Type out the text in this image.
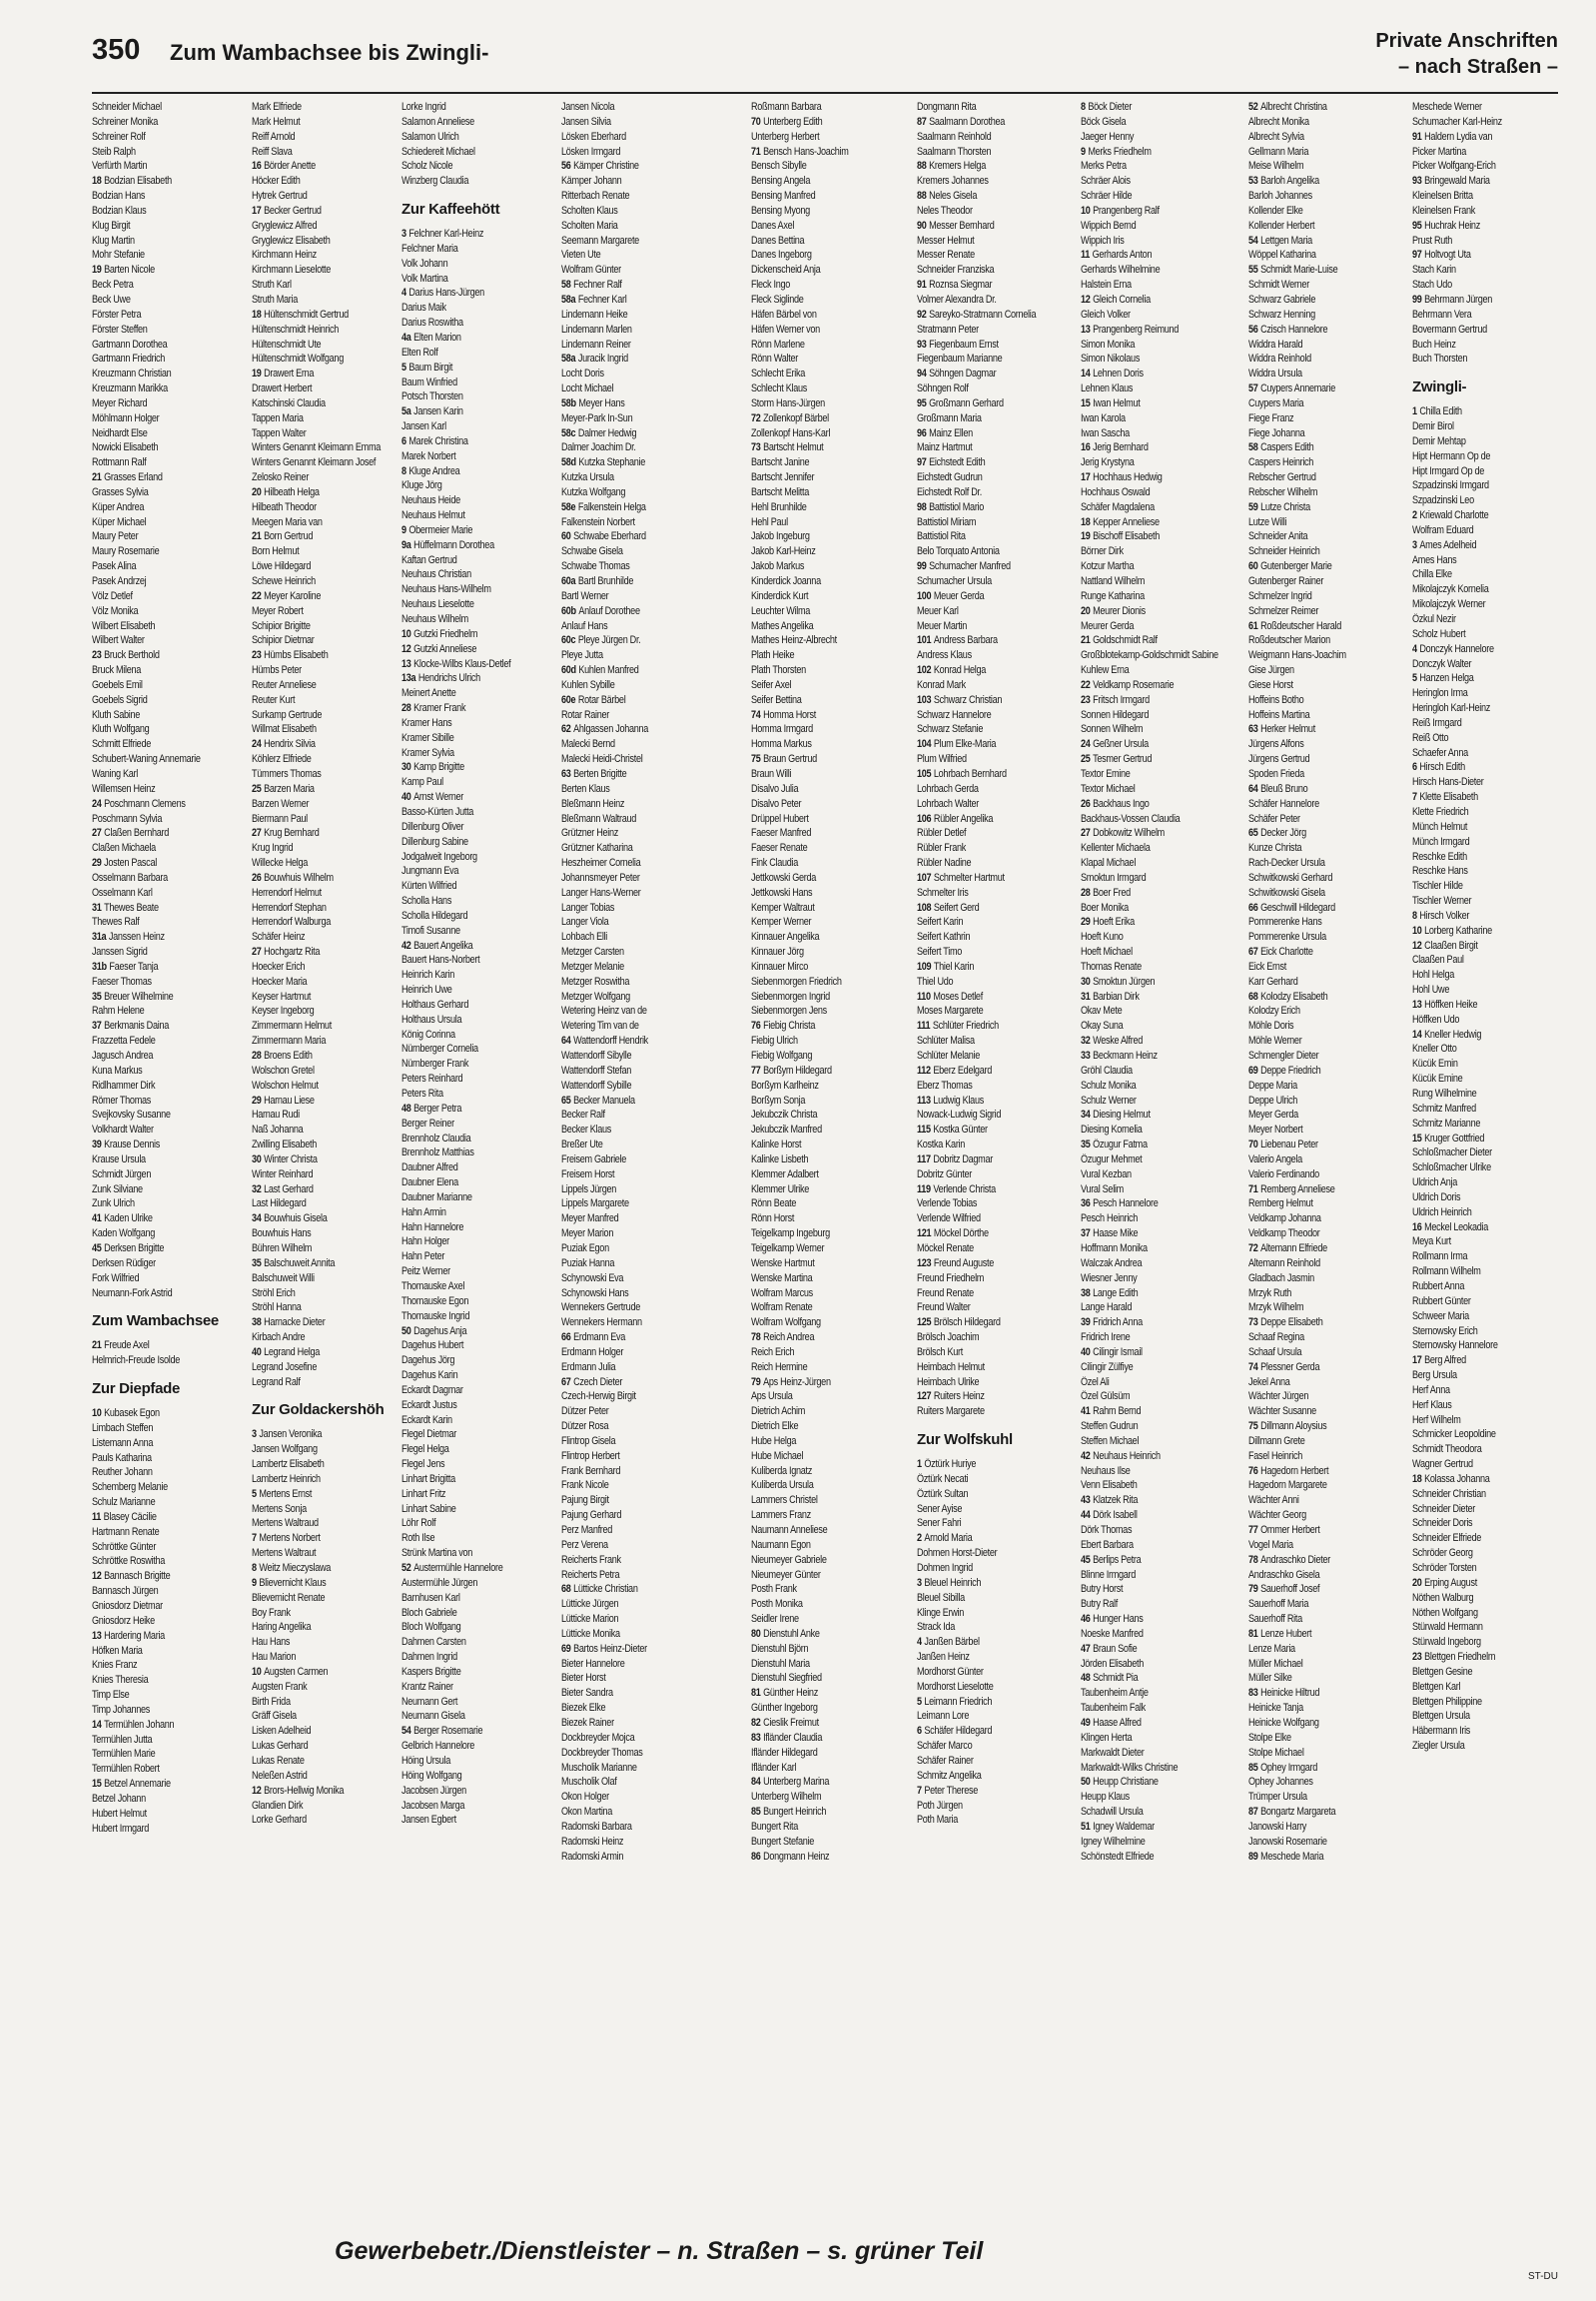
350 Zum Wambachsee bis Zwingli-	Private Anschriften
– nach Straßen –
Schneider Michael
Schreiner Monika
Schreiner Rolf
Steib Ralph
Verfürth Martin
18 Bodzian Elisabeth
Bodzian Hans
Bodzian Klaus
Klug Birgit
Klug Martin
Mohr Stefanie
19 Barten Nicole
Beck Petra
Beck Uwe
Förster Petra
Förster Steffen
Gartmann Dorothea
Gartmann Friedrich
Kreuzmann Christian
Kreuzmann Marikka
Meyer Richard
Möhlmann Holger
Neidhardt Else
Nowicki Elisabeth
Rottmann Ralf
21 Grasses Erland
Grasses Sylvia
Küper Andrea
Küper Michael
Maury Peter
Maury Rosemarie
Pasek Alina
Pasek Andrzej
Völz Detlef
Völz Monika
Wilbert Elisabeth
Wilbert Walter
23 Bruck Berthold
Bruck Milena
Goebels Emil
Goebels Sigrid
Kluth Sabine
Kluth Wolfgang
Schmitt Elfriede
Schubert-Waning Annemarie
Waning Karl
Willemsen Heinz
24 Poschmann Clemens
Poschmann Sylvia
27 Claßen Bernhard
Claßen Michaela
29 Josten Pascal
Osselmann Barbara
Osselmann Karl
31 Thewes Beate
Thewes Ralf
31a Janssen Heinz
Janssen Sigrid
31b Faeser Tanja
Faeser Thomas
35 Breuer Wilhelmine
Rahm Helene
37 Berkmanis Daina
Frazzetta Fedele
Jagusch Andrea
Kuna Markus
Ridlhammer Dirk
Römer Thomas
Svejkovsky Susanne
Volkhardt Walter
39 Krause Dennis
Krause Ursula
Schmidt Jürgen
Zunk Silviane
Zunk Ulrich
41 Kaden Ulrike
Kaden Wolfgang
45 Derksen Brigitte
Derksen Rüdiger
Fork Wilfried
Neumann-Fork Astrid
Zum Wambachsee
21 Freude Axel
Helmrich-Freude Isolde
Zur Diepfade
10 Kubasek Egon
Limbach Steffen
Listemann Anna
Pauls Katharina
Reuther Johann
Schemberg Melanie
Schulz Marianne
11 Blasey Cäcilie
Hartmann Renate
Schröttke Günter
Schröttke Roswitha
12 Bannasch Brigitte
Bannasch Jürgen
Gniosdorz Dietmar
Gniosdorz Heike
13 Hardering Maria
Höfken Maria
Knies Franz
Knies Theresia
Timp Else
Timp Johannes
14 Termühlen Johann
Termühlen Jutta
Termühlen Marie
Termühlen Robert
15 Betzel Annemarie
Betzel Johann
Hubert Helmut
Hubert Irmgard
Mark Elfriede
Mark Helmut
Reiff Arnold
Reiff Slava
16 Börder Anette
Höcker Edith
Hytrek Gertrud
17 Becker Gertrud
Gryglewicz Alfred
Gryglewicz Elisabeth
Kirchmann Heinz
Kirchmann Lieselotte
Struth Karl
Struth Maria
18 Hültenschmidt Gertrud
Hültenschmidt Heinrich
Hültenschmidt Ute
Hültenschmidt Wolfgang
19 Drawert Erna
Drawert Herbert
Katschinski Claudia
Tappen Maria
Tappen Walter
Winters Genannt Kleimann Emma
Winters Genannt Kleimann Josef
Zelosko Reiner
20 Hilbeath Helga
Hilbeath Theodor
Meegen Maria van
21 Born Gertrud
Born Helmut
Löwe Hildegard
Schewe Heinrich
22 Meyer Karoline
Meyer Robert
Schipior Brigitte
Schipior Dietmar
23 Hümbs Elisabeth
Hümbs Peter
Reuter Anneliese
Reuter Kurt
Surkamp Gertrude
Willmat Elisabeth
24 Hendrix Silvia
Köhlerz Elfriede
Tümmers Thomas
25 Barzen Maria
Barzen Werner
Biermann Paul
27 Krug Bernhard
Krug Ingrid
Willecke Helga
26 Bouwhuis Wilhelm
Herrendorf Helmut
Herrendorf Stephan
Herrendorf Walburga
Schäfer Heinz
27 Hochgartz Rita
Hoecker Erich
Hoecker Maria
Keyser Hartmut
Keyser Ingeborg
Zimmermann Helmut
Zimmermann Maria
28 Broens Edith
Wolschon Gretel
Wolschon Helmut
29 Harnau Liese
Harnau Rudi
Naß Johanna
Zwilling Elisabeth
30 Winter Christa
Winter Reinhard
32 Last Gerhard
Last Hildegard
34 Bouwhuis Gisela
Bouwhuis Hans
Bühren Wilhelm
35 Balschuweit Annita
Balschuweit Willi
Ströhl Erich
Ströhl Hanna
38 Harnacke Dieter
Kirbach Andre
40 Legrand Helga
Legrand Josefine
Legrand Ralf
Zur Goldackershöh
3 Jansen Veronika
Jansen Wolfgang
Lambertz Elisabeth
Lambertz Heinrich
5 Mertens Ernst
Mertens Sonja
Mertens Waltraud
7 Mertens Norbert
Mertens Waltraut
8 Weitz Mieczyslawa
9 Blievernicht Klaus
Blievernicht Renate
Boy Frank
Haring Angelika
Hau Hans
Hau Marion
10 Augsten Carmen
Augsten Frank
Birth Frida
Gräff Gisela
Lisken Adelheid
Lukas Gerhard
Lukas Renate
Neleßen Astrid
12 Brors-Hellwig Monika
Glandien Dirk
Lorke Gerhard
Lorke Ingrid
Salamon Anneliese
Salamon Ulrich
Schiedereit Michael
Scholz Nicole
Winzberg Claudia
Zur Kaffeehött
3 Felchner Karl-Heinz
Felchner Maria
Volk Johann
Volk Martina
4 Darius Hans-Jürgen
Darius Maik
Darius Roswitha
4a Elten Marion
Elten Rolf
5 Baum Birgit
Baum Winfried
Potsch Thorsten
5a Jansen Karin
Jansen Karl
6 Marek Christina
Marek Norbert
8 Kluge Andrea
Kluge Jörg
Neuhaus Heide
Neuhaus Helmut
9 Obermeier Marie
9a Hüffelmann Dorothea
Kaftan Gertrud
Neuhaus Christian
Neuhaus Hans-Wilhelm
Neuhaus Lieselotte
Neuhaus Wilhelm
10 Gutzki Friedhelm
12 Gutzki Anneliese
13 Klocke-Wilbs Klaus-Detlef
13a Hendrichs Ulrich
Meinert Anette
28 Kramer Frank
Kramer Hans
Kramer Sibille
Kramer Sylvia
30 Kamp Brigitte
Kamp Paul
40 Arnst Werner
Basso-Kürten Jutta
Dillenburg Oliver
Dillenburg Sabine
Jodgalweit Ingeborg
Jungmann Eva
Kürten Wilfried
Scholla Hans
Scholla Hildegard
Timofi Susanne
42 Bauert Angelika
Bauert Hans-Norbert
Heinrich Karin
Heinrich Uwe
Holthaus Gerhard
Holthaus Ursula
König Corinna
Nürnberger Cornelia
Nürnberger Frank
Peters Reinhard
Peters Rita
48 Berger Petra
Berger Reiner
Brennholz Claudia
Brennholz Matthias
Daubner Alfred
Daubner Elena
Daubner Marianne
Hahn Armin
Hahn Hannelore
Hahn Holger
Hahn Peter
Peitz Werner
Thomauske Axel
Thomauske Egon
Thomauske Ingrid
50 Dagehus Anja
Dagehus Hubert
Dagehus Jörg
Dagehus Karin
Eckardt Dagmar
Eckardt Justus
Eckardt Karin
Flegel Dietmar
Flegel Helga
Flegel Jens
Linhart Brigitta
Linhart Fritz
Linhart Sabine
Löhr Rolf
Roth Ilse
Strünk Martina von
52 Austermühle Hannelore
Austermühle Jürgen
Barnhusen Karl
Bloch Gabriele
Bloch Wolfgang
Dahmen Carsten
Dahmen Ingrid
Kaspers Brigitte
Krantz Rainer
Neumann Gert
Neumann Gisela
54 Berger Rosemarie
Gelbrich Hannelore
Höing Ursula
Höing Wolfgang
Jacobsen Jürgen
Jacobsen Marga
Jansen Egbert
Jansen Nicola
Jansen Silvia
Lösken Eberhard
Lösken Irmgard
56 Kämper Christine
Kämper Johann
Ritterbach Renate
Scholten Klaus
Scholten Maria
Seemann Margarete
Vieten Ute
Wolfram Günter
58 Fechner Ralf
58a Fechner Karl
Lindemann Heike
Lindemann Marlen
Lindemann Reiner
58a Juracik Ingrid
Locht Doris
Locht Michael
58b Meyer Hans
Meyer-Park In-Sun
58c Dalmer Hedwig
Dalmer Joachim Dr.
58d Kutzka Stephanie
Kutzka Ursula
Kutzka Wolfgang
58e Falkenstein Helga
Falkenstein Norbert
60 Schwabe Eberhard
Schwabe Gisela
Schwabe Thomas
60a Bartl Brunhilde
Bartl Werner
60b Anlauf Dorothee
Anlauf Hans
60c Pleye Jürgen Dr.
Pleye Jutta
60d Kuhlen Manfred
Kuhlen Sybille
60e Rotar Bärbel
Rotar Rainer
62 Ahlgassen Johanna
Malecki Bernd
Malecki Heidi-Christel
63 Berten Brigitte
Berten Klaus
Bleßmann Heinz
Bleßmann Waltraud
Grützner Heinz
Grützner Katharina
Heszheimer Cornelia
Johannsmeyer Peter
Langer Hans-Werner
Langer Tobias
Langer Viola
Lohbach Elli
Metzger Carsten
Metzger Melanie
Metzger Roswitha
Metzger Wolfgang
Wetering Heinz van de
Wetering Tim van de
64 Wattendorff Hendrik
Wattendorff Sibylle
Wattendorff Stefan
Wattendorff Sybille
65 Becker Manuela
Becker Ralf
Becker Klaus
Breßer Ute
Freisem Gabriele
Freisem Horst
Lippels Jürgen
Lippels Margarete
Meyer Manfred
Meyer Marion
Puziak Egon
Puziak Hanna
Schynowski Eva
Schynowski Hans
Wennekers Gertrude
Wennekers Hermann
66 Erdmann Eva
Erdmann Holger
Erdmann Julia
67 Czech Dieter
Czech-Herwig Birgit
Dützer Peter
Dützer Rosa
Flintrop Gisela
Flintrop Herbert
Frank Bernhard
Frank Nicole
Pajung Birgit
Pajung Gerhard
Perz Manfred
Perz Verena
Reicherts Frank
Reicherts Petra
68 Lütticke Christian
Lütticke Jürgen
Lütticke Marion
Lütticke Monika
69 Bartos Heinz-Dieter
Bieter Hannelore
Bieter Horst
Bieter Sandra
Biezek Elke
Biezek Rainer
Dockbreyder Mojca
Dockbreyder Thomas
Muscholik Marianne
Muscholik Olaf
Okon Holger
Okon Martina
Radomski Barbara
Radomski Heinz
Radomski Armin
Roßmann Barbara
70 Unterberg Edith
Unterberg Herbert
71 Bensch Hans-Joachim
Bensch Sibylle
Bensing Angela
Bensing Manfred
Bensing Myong
Danes Axel
Danes Bettina
Danes Ingeborg
Dickenscheid Anja
Fleck Ingo
Fleck Siglinde
Häfen Bärbel von
Häfen Werner von
Rönn Marlene
Rönn Walter
Schlecht Erika
Schlecht Klaus
Storm Hans-Jürgen
72 Zollenkopf Bärbel
Zollenkopf Hans-Karl
73 Bartscht Helmut
Bartscht Janine
Bartscht Jennifer
Bartscht Melitta
Hehl Brunhilde
Hehl Paul
Jakob Ingeburg
Jakob Karl-Heinz
Jakob Markus
Kinderdick Joanna
Kinderdick Kurt
Leuchter Wilma
Mathes Angelika
Mathes Heinz-Albrecht
Plath Heike
Plath Thorsten
Seifer Axel
Seifer Bettina
74 Homma Horst
Homma Irmgard
Homma Markus
75 Braun Gertrud
Braun Willi
Disalvo Julia
Disalvo Peter
Drüppel Hubert
Faeser Manfred
Faeser Renate
Fink Claudia
Jettkowski Gerda
Jettkowski Hans
Kemper Waltraut
Kemper Werner
Kinnauer Angelika
Kinnauer Jörg
Kinnauer Mirco
Siebenmorgen Friedrich
Siebenmorgen Ingrid
Siebenmorgen Jens
76 Fiebig Christa
Fiebig Ulrich
Fiebig Wolfgang
77 Borßym Hildegard
Borßym Karlheinz
Borßym Sonja
Jekubczik Christa
Jekubczik Manfred
Kalinke Horst
Kalinke Lisbeth
Klemmer Adalbert
Klemmer Ulrike
Rönn Beate
Rönn Horst
Teigelkamp Ingeburg
Teigelkamp Werner
Wenske Hartmut
Wenske Martina
Wolfram Marcus
Wolfram Renate
Wolfram Wolfgang
78 Reich Andrea
Reich Erich
Reich Hermine
79 Aps Heinz-Jürgen
Aps Ursula
Dietrich Achim
Dietrich Elke
Hube Helga
Hube Michael
Kuliberda Ignatz
Kuliberda Ursula
Lammers Christel
Lammers Franz
Naumann Anneliese
Naumann Egon
Nieumeyer Gabriele
Nieumeyer Günter
Posth Frank
Posth Monika
Seidler Irene
80 Dienstuhl Anke
Dienstuhl Björn
Dienstuhl Maria
Dienstuhl Siegfried
81 Günther Heinz
Günther Ingeborg
82 Cieslik Freimut
83 Ifländer Claudia
Ifländer Hildegard
Ifländer Karl
84 Unterberg Marina
Unterberg Wilhelm
85 Bungert Heinrich
Bungert Rita
Bungert Stefanie
86 Dongmann Heinz
Dongmann Rita
87 Saalmann Dorothea
Saalmann Reinhold
Saalmann Thorsten
88 Kremers Helga
Kremers Johannes
88 Neles Gisela
Neles Theodor
90 Messer Bernhard
Messer Helmut
Messer Renate
Schneider Franziska
91 Roznsa Siegmar
Volmer Alexandra Dr.
92 Sareyko-Stratmann Cornelia
Stratmann Peter
93 Fiegenbaum Ernst
Fiegenbaum Marianne
94 Söhngen Dagmar
Söhngen Rolf
95 Großmann Gerhard
Großmann Maria
96 Mainz Ellen
Mainz Hartmut
97 Eichstedt Edith
Eichstedt Gudrun
Eichstedt Rolf Dr.
98 Battistiol Mario
Battistiol Miriam
Battistiol Rita
Belo Torquato Antonia
99 Schumacher Manfred
Schumacher Ursula
100 Meuer Gerda
Meuer Karl
Meuer Martin
101 Andress Barbara
Andress Klaus
102 Konrad Helga
Konrad Mark
103 Schwarz Christian
Schwarz Hannelore
Schwarz Stefanie
104 Plum Elke-Maria
Plum Wilfried
105 Lohrbach Bernhard
Lohrbach Gerda
Lohrbach Walter
106 Rübler Angelika
Rübler Detlef
Rübler Frank
Rübler Nadine
107 Schmelter Hartmut
Schmelter Iris
108 Seifert Gerd
Seifert Karin
Seifert Kathrin
Seifert Timo
109 Thiel Karin
Thiel Udo
110 Moses Detlef
Moses Margarete
111 Schlüter Friedrich
Schlüter Malisa
Schlüter Melanie
112 Eberz Edelgard
Eberz Thomas
113 Ludwig Klaus
Nowack-Ludwig Sigrid
115 Kostka Günter
Kostka Karin
117 Dobritz Dagmar
Dobritz Günter
119 Verlende Christa
Verlende Tobias
Verlende Wilfried
121 Möckel Dörthe
Möckel Renate
123 Freund Auguste
Freund Friedhelm
Freund Renate
Freund Walter
125 Brölsch Hildegard
Brölsch Joachim
Brölsch Kurt
Heimbach Helmut
Heimbach Ulrike
127 Ruiters Heinz
Ruiters Margarete
Zur Wolfskuhl
1 Öztürk Huriye
Öztürk Necati
Öztürk Sultan
Sener Ayise
Sener Fahri
2 Arnold Maria
Dohmen Horst-Dieter
Dohmen Ingrid
3 Bleuel Heinrich
Bleuel Sibilla
Klinge Erwin
Strack Ida
4 Janßen Bärbel
Janßen Heinz
Mordhorst Günter
Mordhorst Lieselotte
5 Leimann Friedrich
Leimann Lore
6 Schäfer Hildegard
Schäfer Marco
Schäfer Rainer
Schmitz Angelika
7 Peter Therese
Poth Jürgen
Poth Maria
8 Böck Dieter
Böck Gisela
Jaeger Henny
9 Merks Friedhelm
Merks Petra
Schräer Alois
Schräer Hilde
10 Prangenberg Ralf
Wippich Bernd
Wippich Iris
11 Gerhards Anton
Gerhards Wilhelmine
Halstein Erna
12 Gleich Cornelia
Gleich Volker
13 Prangenberg Reimund
Simon Monika
Simon Nikolaus
14 Lehnen Doris
Lehnen Klaus
15 Iwan Helmut
Iwan Karola
Iwan Sascha
16 Jerig Bernhard
Jerig Krystyna
17 Hochhaus Hedwig
Hochhaus Oswald
Schäfer Magdalena
18 Kepper Anneliese
19 Bischoff Elisabeth
Börner Dirk
Kotzur Martha
Nattland Wilhelm
Runge Katharina
20 Meurer Dionis
Meurer Gerda
21 Goldschmidt Ralf
Großblotekamp-Goldschmidt Sabine
Kuhlew Erna
22 Veldkamp Rosemarie
23 Fritsch Irmgard
Sonnen Hildegard
Sonnen Wilhelm
24 Geßner Ursula
25 Tesmer Gertrud
Textor Emine
Textor Michael
26 Backhaus Ingo
Backhaus-Vossen Claudia
27 Dobkowitz Wilhelm
Kellenter Michaela
Klapal Michael
Smoktun Irmgard
28 Boer Fred
Boer Monika
29 Hoeft Erika
Hoeft Kuno
Hoeft Michael
Thomas Renate
30 Smoktun Jürgen
31 Barbian Dirk
Okav Mete
Okay Suna
32 Weske Alfred
33 Beckmann Heinz
Gröhl Claudia
Schulz Monika
Schulz Werner
34 Diesing Helmut
Diesing Kornelia
35 Özugur Fatma
Özugur Mehmet
Vural Kezban
Vural Selim
36 Pesch Hannelore
Pesch Heinrich
37 Haase Mike
Hoffmann Monika
Walczak Andrea
Wiesner Jenny
38 Lange Edith
Lange Harald
39 Fridrich Anna
Fridrich Irene
40 Cilingir Ismail
Cilingir Zülfiye
Özel Ali
Özel Gülsüm
41 Rahm Bernd
Steffen Gudrun
Steffen Michael
42 Neuhaus Heinrich
Neuhaus Ilse
Venn Elisabeth
43 Klatzek Rita
44 Dörk Isabell
Dörk Thomas
Ebert Barbara
45 Berlips Petra
Blinne Irmgard
Butry Horst
Butry Ralf
46 Hunger Hans
Noeske Manfred
47 Braun Sofie
Jörden Elisabeth
48 Schmidt Pia
Taubenheim Antje
Taubenheim Falk
49 Haase Alfred
Klingen Herta
Markwaldt Dieter
Markwaldt-Wilks Christine
50 Heupp Christiane
Heupp Klaus
Schadwill Ursula
51 Igney Waldemar
Igney Wilhelmine
Schönstedt Elfriede
52 Albrecht Christina
Albrecht Monika
Albrecht Sylvia
Gellmann Maria
Meise Wilhelm
53 Barloh Angelika
Barloh Johannes
Kollender Elke
Kollender Herbert
54 Lettgen Maria
Wöppel Katharina
55 Schmidt Marie-Luise
Schmidt Werner
Schwarz Gabriele
Schwarz Henning
56 Czisch Hannelore
Widdra Harald
Widdra Reinhold
Widdra Ursula
57 Cuypers Annemarie
Cuypers Maria
Fiege Franz
Fiege Johanna
58 Caspers Edith
Caspers Heinrich
Rebscher Gertrud
Rebscher Wilhelm
59 Lutze Christa
Lutze Willi
Schneider Anita
Schneider Heinrich
60 Gutenberger Marie
Gutenberger Rainer
Schmelzer Ingrid
Schmelzer Reimer
61 Roßdeutscher Harald
Roßdeutscher Marion
Weigmann Hans-Joachim
Gise Jürgen
Giese Horst
Hoffeins Botho
Hoffeins Martina
63 Herker Helmut
Jürgens Alfons
Jürgens Gertrud
Spoden Frieda
64 Bleuß Bruno
Schäfer Hannelore
Schäfer Peter
65 Decker Jörg
Kunze Christa
Rach-Decker Ursula
Schwitkowski Gerhard
Schwitkowski Gisela
66 Geschwill Hildegard
Pommerenke Hans
Pommerenke Ursula
67 Eick Charlotte
Eick Ernst
Karr Gerhard
68 Kolodzy Elisabeth
Kolodzy Erich
Möhle Doris
Möhle Werner
Schmengler Dieter
69 Deppe Friedrich
Deppe Maria
Deppe Ulrich
Meyer Gerda
Meyer Norbert
70 Liebenau Peter
Valerio Angela
Valerio Ferdinando
71 Remberg Anneliese
Remberg Helmut
Veldkamp Johanna
Veldkamp Theodor
72 Altemann Elfriede
Altemann Reinhold
Gladbach Jasmin
Mrzyk Ruth
Mrzyk Wilhelm
73 Deppe Elisabeth
Schaaf Regina
Schaaf Ursula
74 Plessner Gerda
Jekel Anna
Wächter Jürgen
Wächter Susanne
75 Dillmann Aloysius
Dillmann Grete
Fasel Heinrich
76 Hagedorn Herbert
Hagedorn Margarete
Wächter Anni
Wächter Georg
77 Ommer Herbert
Vogel Maria
78 Andraschko Dieter
Andraschko Gisela
79 Sauerhoff Josef
Sauerhoff Maria
Sauerhoff Rita
81 Lenze Hubert
Lenze Maria
Müller Michael
Müller Silke
83 Heinicke Hiltrud
Heinicke Tanja
Heinicke Wolfgang
Stolpe Elke
Stolpe Michael
85 Ophey Irmgard
Ophey Johannes
Trümper Ursula
87 Bongartz Margareta
Janowski Harry
Janowski Rosemarie
89 Meschede Maria
Meschede Werner
Schumacher Karl-Heinz
91 Haldern Lydia van
Picker Martina
Picker Wolfgang-Erich
93 Bringewald Maria
Kleinelsen Britta
Kleinelsen Frank
95 Huchrak Heinz
Prust Ruth
97 Holtvogt Uta
Stach Karin
Stach Udo
99 Behrmann Jürgen
Behrmann Vera
Bovermann Gertrud
Buch Heinz
Buch Thorsten
Zwingli-
1 Chilla Edith
Demir Birol
Demir Mehtap
Hipt Hermann Op de
Hipt Irmgard Op de
Szpadzinski Irmgard
Szpadzinski Leo
2 Kriewald Charlotte
Wolfram Eduard
3 Ames Adelheid
Ames Hans
Chilla Elke
Mikolajczyk Kornelia
Mikolajczyk Werner
Özkul Nezir
Scholz Hubert
4 Donczyk Hannelore
Donczyk Walter
5 Hanzen Helga
Heringlon Irma
Heringloh Karl-Heinz
Reiß Irmgard
Reiß Otto
Schaefer Anna
6 Hirsch Edith
Hirsch Hans-Dieter
7 Klette Elisabeth
Klette Friedrich
Münch Helmut
Münch Irmgard
Reschke Edith
Reschke Hans
Tischler Hilde
Tischler Werner
8 Hirsch Volker
10 Lorberg Katharine
12 Claaßen Birgit
Claaßen Paul
Hohl Helga
Hohl Uwe
13 Höffken Heike
Höffken Udo
14 Kneller Hedwig
Kneller Otto
Kücük Emin
Kücük Emine
Rung Wilhelmine
Schmitz Manfred
Schmitz Marianne
15 Kruger Gottfried
Schloßmacher Dieter
Schloßmacher Ulrike
Uldrich Anja
Uldrich Doris
Uldrich Heinrich
16 Meckel Leokadia
Meya Kurt
Rollmann Irma
Rollmann Wilhelm
Rubbert Anna
Rubbert Günter
Schweer Maria
Sternowsky Erich
Sternowsky Hannelore
17 Berg Alfred
Berg Ursula
Herf Anna
Herf Klaus
Herf Wilhelm
Schmicker Leopoldine
Schmidt Theodora
Wagner Gertrud
18 Kolassa Johanna
Schneider Christian
Schneider Dieter
Schneider Doris
Schneider Elfriede
Schröder Georg
Schröder Torsten
20 Erping August
Nöthen Walburg
Nöthen Wolfgang
Stürwald Hermann
Stürwald Ingeborg
23 Blettgen Friedhelm
Blettgen Gesine
Blettgen Karl
Blettgen Philippine
Blettgen Ursula
Häbermann Iris
Ziegler Ursula
Gewerbebetr./Dienstleister – n. Straßen – s. grüner Teil
ST-DU
